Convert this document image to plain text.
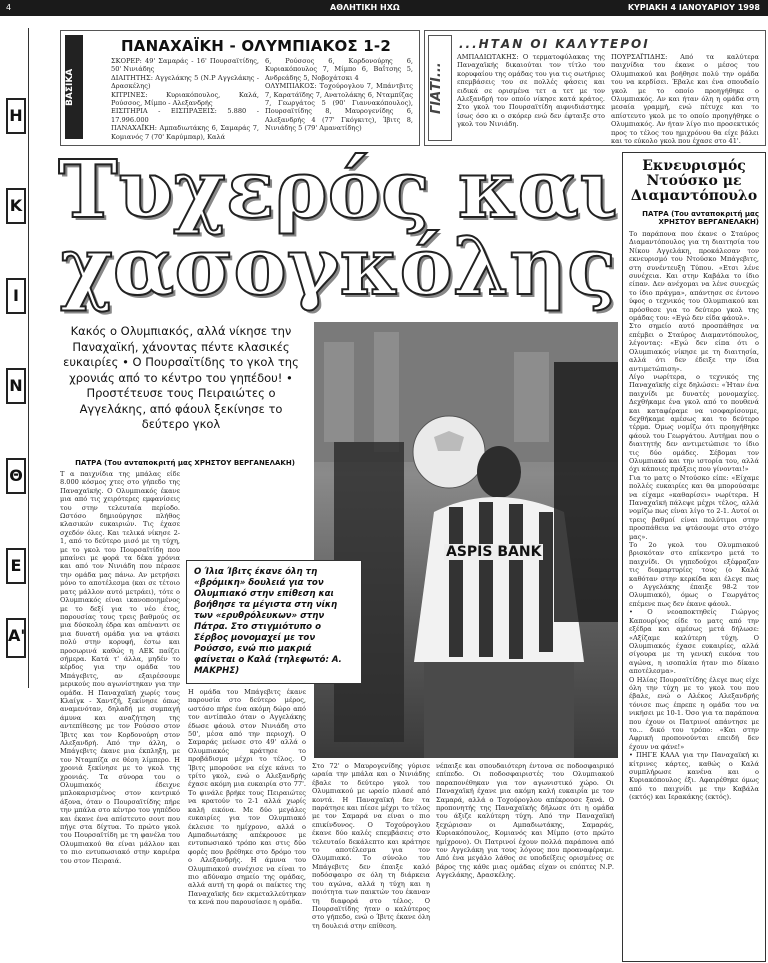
4	ΑΘΛΗΤΙΚΗ ΗΧΩ	ΚΥΡΙΑΚΗ 4 ΙΑΝΟΥΑΡΙΟΥ 1998
Α'
Ε
Θ
Ν
Ι
Κ
Η
ΒΑΣΙΚΑ
ΠΑΝΑΧΑΪΚΗ - ΟΛΥΜΠΙΑΚΟΣ 1-2
ΣΚΟΡΕΡ: 49' Σαμαράς - 16' Πουρσαϊτίδης, 50' Νινιάδης
ΔΙΑΙΤΗΤΗΣ: Αγγελάκης 5 (Ν.Ρ Αγγελάκης - Δρασκέλης)
ΚΙΤΡΙΝΕΣ: Κυριακόπουλος, Καλά, Ρούσσος, Μίμπο - Αλεξανδρής
ΕΙΣΙΤΗΡΙΑ - ΕΙΣΠΡΑΞΕΙΣ: 5.880 - 17.996.000
ΠΑΝΑΧΑΪΚΗ: Αμπαδιωτάκης 6, Σαμαράς 7, Κομιανός 7 (70' Καρύμπαρ), Καλά
6, Ρούσσος 6, Κορδονούρης 6, Κυριακόπουλος 7, Μίμπο 6, Βαΐτσης 5, Ανδρεάδης 5, Νοβοχάτσκι 4
ΟΛΥΜΠΙΑΚΟΣ: Τοχούρογλου 7, Μπάντβιτς 7, Καρατάϊδης 7, Ανατολάκης 6, Νταμπίζας 7, Γεωργάτος 5 (90' Γιαννακόπουλος), Πουρσαϊτίδης 8, Μαυρογενίδης 6, Αλεξανδρής 4 (77' Γκόγκιτς), Ίβιτς 8, Νινιάδης 5 (79' Αμανατίδης)
ΓΙΑΤΙ...
...ΗΤΑΝ ΟΙ ΚΑΛΥΤΕΡΟΙ
ΑΜΠΑΔΙΩΤΑΚΗΣ: Ο τερματοφύλακας της Παναχαϊκής δικαιούται τον τίτλο του κορυφαίου της ομάδας του για τις σωτήριες επεμβάσεις του σε πολλές φάσεις και ειδικά σε ορισμένα τετ α τετ με τον Αλεξανδρή τον οποίο νίκησε κατά κράτος. Στο γκολ του Πουρσαϊτίδη αιφνιδιάστηκε ίσως όσο κι ο σκόρερ ενώ δεν έφταιξε στο γκολ του Νινιάδη.
ΠΟΥΡΣΑΪΤΙΔΗΣ: Από τα καλύτερα παιχνίδια του έκανε ο μέσος του Ολυμπιακού και βοήθησε πολύ την ομάδα του να κερδίσει. Έβαλε και ένα σπουδαίο γκολ με το οποίο προηγήθηκε ο Ολυμπιακός. Αν και ήταν όλη η ομάδα στη μεσαία γραμμή, ενώ πέτυχε και το απίστευτο γκολ με το οποίο προηγήθηκε ο Ολυμπιακός. Αν ήταν λίγο πιο προσεκτικός προς το τέλος του ημιχρόνου θα είχε βάλει και το εύκολο γκολ που έχασε στο 41'.
Τυχερός και
χασογκόλης
Κακός ο Ολυμπιακός, αλλά νίκησε την Παναχαϊκή, χάνοντας πέντε κλασικές ευκαιρίες • Ο Πουρσαϊτίδης το γκολ της χρονιάς από το κέντρο του γηπέδου! • Προστέτευσε τους Πειραιώτες ο Αγγελάκης, από φάουλ ξεκίνησε το δεύτερο γκολ
ΠΑΤΡΑ (Του ανταποκριτή μας ΧΡΗΣΤΟΥ ΒΕΡΓΑΝΕΛΑΚΗ)
ASPIS BANK
Ο Ίλια Ίβιτς έκανε όλη τη «βρόμικη» δουλειά για τον Ολυμπιακό στην επίθεση και βοήθησε τα μέγιστα στη νίκη των «ερυθρόλευκων» στην Πάτρα. Στο στιγμιότυπο ο Σέρβος μονομαχεί με τον Ρούσσο, ενώ πιο μακριά φαίνεται ο Καλά (τηλεφωτό: Α. ΜΑΚΡΗΣ)
Τ α παιχνίδια της μπάλας είδε 8.000 κόσμος χτες στο γήπεδο της Παναχαϊκής. Ο Ολυμπιακός έκανε μια από τις χειρότερες εμφανίσεις του στην τελευταία περίοδο. Ωστόσο δημιούργησε πλήθος κλασικών ευκαιριών. Τις έχασε σχεδόν όλες. Και τελικά νίκησε 2-1, από το δεύτερο μισό με τη τύχη, με το γκολ του Πουρσαϊτίδη που μπαίνει με φορά τα δέκα χρόνια και από τον Νινιάδη που πέρασε την ομάδα μας πάνω. Αν μετρήσει μόνο το αποτέλεσμα (και σε τέτοιο ματς μάλλον αυτό μετράει), τότε ο Ολυμπιακός είναι ικανοποιημένος με το δεξί για το νέο έτος, παρουσίας τους τρεις βαθμούς σε μια δύσκολη έδρα και απέναντι σε μια δυνατή ομάδα για να φτάσει πολύ στην κορυφή, έστω και προσωρινά καθώς η ΑΕΚ παίζει σήμερα. Κατά τ' άλλα, μηδέν το κέρδος για την ομάδα του Μπάγεβιτς, αν εξαιρέσουμε μερικούς που αγωνίστηκαν για την ομάδα. Η Παναχαϊκή χωρίς τους Κλαίγκ - Χαντζή, ξεκίνησε όπως αναμενόταν, δηλαδή με συμπαγή άμυνα και αναζήτηση της αντεπίθεσης με τον Ρούσσο στον Ίβιτς και τον Κορδονούρη στον Αλεξανδρή. Από την άλλη, ο Μπάγεβιτς έκανε μια έκπληξη, με τον Νταμπίζα σε θέση λίμπερο. Η χρονιά ξεκίνησε με το γκολ της χρονιάς. Τα σύνορα του ο Ολυμπιακός έδειχνε μπλοκαρισμένος στον κεντρικό άξονα, όταν ο Πουρσαϊτίδης πήρε την μπάλα στο κέντρο του γηπέδου και έκανε ένα απίστευτο σουτ που πήγε στα δίχτυα. Το πρώτο γκολ του Πουρσαϊτίδη με τη φανέλα του Ολυμπιακού θα είναι μάλλον και το πιο εντυπωσιακό στην καριέρα του στον Πειραιά.
Η ομάδα του Μπάγεβιτς έκανε παρουσία στο δεύτερο μέρος, ωστόσο πήρε ένα ακόμη δώρο από τον αντίπαλο όταν ο Αγγελάκης έδωσε φάουλ στον Νινιάδη στο 50', μέσα από την περιοχή. Ο Σαμαράς μείωσε στο 49' αλλά ο Ολυμπιακός κράτησε το προβάδισμα μέχρι το τέλος. Ο Ίβιτς μπορούσε να είχε κάνει το τρίτο γκολ, ενώ ο Αλεξανδρής έχασε ακόμη μια ευκαιρία στο 77'. Το φινάλε βρήκε τους Πειραιώτες να κρατούν το 2-1 αλλά χωρίς καλή εικόνα. Με δύο μεγάλες ευκαιρίες για τον Ολυμπιακό έκλεισε το ημίχρονο, αλλά ο Αμπαδιωτάκης απέκρουσε με εντυπωσιακό τρόπο και στις δύο φορές που βρέθηκε στο δρόμο του ο Αλεξανδρής. Η άμυνα του Ολυμπιακού συνέχισε να είναι το πιο αδύναμο σημείο της ομάδας, αλλά αυτή τη φορά οι παίκτες της Παναχαϊκής δεν εκμεταλλεύτηκαν τα κενά που παρουσίασε η ομάδα.
Στο 72' ο Μαυρογενίδης γύρισε ωραία την μπάλα και ο Νινιάδης έβαλε το δεύτερο γκολ του Ολυμπιακού με ωραίο πλασέ από κοντά. Η Παναχαϊκή δεν τα παράτησε και πίεσε μέχρι το τέλος με τον Σαμαρά να είναι ο πιο επικίνδυνος. Ο Τοχούρογλου έκανε δύο καλές επεμβάσεις στο τελευταίο δεκάλεπτο και κράτησε το αποτέλεσμα για τον Ολυμπιακό. Το σύνολο του Μπάγεβιτς δεν έπαιξε καλό ποδόσφαιρο σε όλη τη διάρκεια του αγώνα, αλλά η τύχη και η ποιότητα των παικτών του έκαναν τη διαφορά στο τέλος. Ο Πουρσαϊτίδης ήταν ο καλύτερος στο γήπεδο, ενώ ο Ίβιτς έκανε όλη τη δουλειά στην επίθεση.
νέπαιξε και σπουδαιότερη έντονα σε ποδοσφαιρικό επίπεδο. Οι ποδοσφαιριστές του Ολυμπιακού παραπονέθηκαν για τον αγωνιστικό χώρο. Οι Παναχαϊκή έχανε μια ακόμη καλή ευκαιρία με τον Σαμαρά, αλλά ο Τοχούρογλου απέκρουσε ξανά. Ο προπονητής της Παναχαϊκής δήλωσε ότι η ομάδα του άξιζε καλύτερη τύχη. Από την Παναχαϊκή ξεχώρισαν οι Αμπαδιωτάκης, Σαμαράς, Κυριακόπουλος, Κομιανός και Μίμπο (στο πρώτο ημίχρονο). Οι Πατρινοί έχουν πολλά παράπονα από τον Αγγελάκη για τους λόγους που προαναφέραμε. Από ένα μεγάλο λάθος σε υποδείξεις ορισμένες σε βάρος της κάθε μιας ομάδας είχαν οι επόπτες Ν.Ρ. Αγγελάκης, Δρασκέλης.
Εκνευρισμός Ντούσκο με Διαμαντόπουλο
ΠΑΤΡΑ (Του ανταποκριτή μας ΧΡΗΣΤΟΥ ΒΕΡΓΑΝΕΛΑΚΗ)
Το παράπονα που έκανε ο Σταύρος Διαμαντόπουλος για τη διαιτησία του Νίκου Αγγελάκη, προκάλεσαν τον εκνευρισμό του Ντούσκο Μπάγεβιτς, στη συνέντευξη Τύπου. «Ετσι λένε συνέχεια. Και στην Καβάλα το ίδιο είπαν. Δεν ανέχομαι να λένε συνεχώς το ίδιο πράγμα», απάντησε σε έντονο ύφος ο τεχνικός του Ολυμπιακού και πρόσθεσε για το δεύτερο γκολ της ομάδας του: «Εγώ δεν είδα φάουλ».
Στο σημείο αυτό προσπάθησε να επέμβει ο Σταύρος Διαμαντόπουλος, λέγοντας: «Εγώ δεν είπα ότι ο Ολυμπιακός νίκησε με τη διαιτησία, αλλά ότι δεν έδειξε την ίδια αντιμετώπιση».
Λίγο νωρίτερα, ο τεχνικός της Παναχαϊκής είχε δηλώσει: «Ήταν ένα παιχνίδι με δυνατές μονομαχίες. Δεχθήκαμε ένα γκολ από το πουθενά και καταφέραμε να ισοφαρίσουμε, δεχθήκαμε αμέσως και το δεύτερο τέρμα. Όμως νομίζω ότι προηγήθηκε φάουλ του Γεωργάτου. Αυτήμαι που ο διαιτητής δεν αντιμετώπισε το ίδιο τις δύο ομάδες. Σέβομαι τον Ολυμπιακό και την ιστορία του, αλλά όχι κάποιες πράξεις που γίνονται!»
Για το ματς ο Ντούσκο είπε: «Είχαμε πολλές ευκαιρίες και θα μπορούσαμε να είχαμε «καθαρίσει» νωρίτερα. Η Παναχαϊκή πάλεψε μέχρι τέλος, αλλά νομίζω πως είναι λίγο το 2-1. Αυτοί οι τρεις βαθμοί είναι πολύτιμοι στην προσπάθεια να φτάσουμε στο στόχο μας».
Το 2ο γκολ του Ολυμπιακού βρισκόταν στο επίκεντρο μετά το παιχνίδι. Οι γηπεδούχοι εξέφραζαν τις διαμαρτυρίες τους (ο Καλά καθόταν στην κερκίδα και έλεγε πως ο Αγγελάκης έπαιξε 98-2 τον Ολυμπιακό), όμως ο Γεωργάτος επέμενε πως δεν έκανε φάουλ.
• Ο νεοαποκτηθείς Γιώργος Καπουρίγος είδε το ματς από την εξέδρα και αμέσως μετά δήλωσε: «Αξίζαμε καλύτερη τύχη. Ο Ολυμπιακός έχασε ευκαιρίες, αλλά σίγουρα με τη γενική εικόνα του αγώνα, η ισοπαλία ήταν πιο δίκαιο αποτέλεσμα».
Ο Ηλίας Πουρσαϊτίδης έλεγε πως είχε όλη την τύχη με το γκολ του που έβαλε, ενώ ο Αλέκος Αλεξανδρής τόνισε πως έπρεπε η ομάδα του να νικήσει με 10-1. Όσο για τα παράπονα που έχουν οι Πατρινοί απάντησε με το... δικό του τρόπο: «Και στην Αφρική προπονούνται επειδή δεν έχουν να φάνε!»
• ΠΗΓΕ ΚΑΛΑ για την Παναχαϊκή κι κίτρινες κάρτες, καθώς ο Καλά συμπλήρωσε κανένα και ο Κυριακόπουλος έξι. Αφαιρέθηκε όμως από το παιχνίδι με την Καβάλα (εκτός) και Ιερακάκης (εκτός).
